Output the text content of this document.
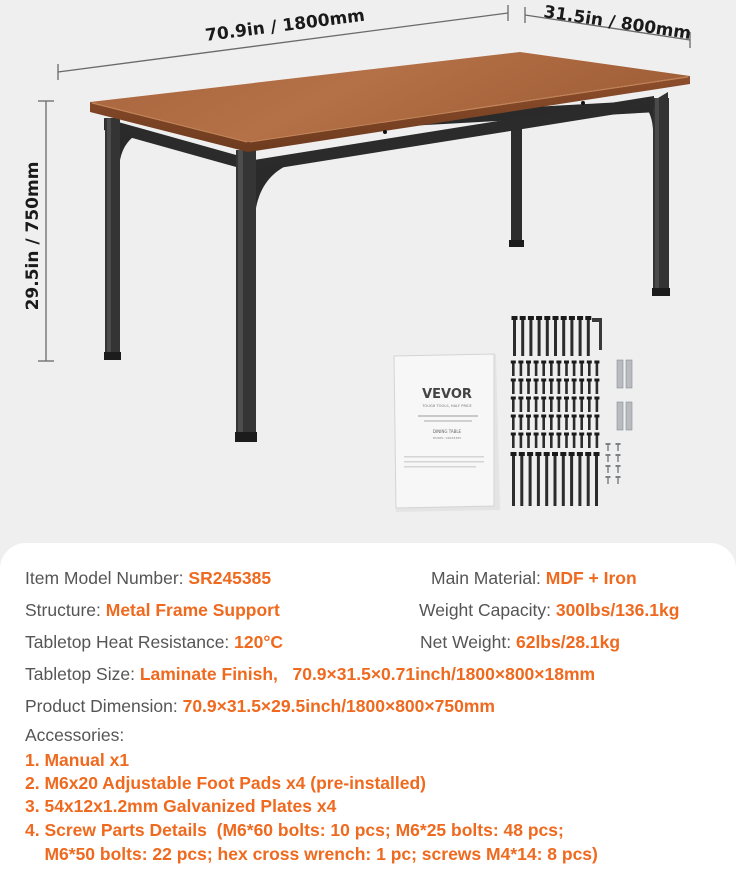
70.9in / 1800mm	31.5in / 800mm
29.5in / 750mm
VEVOR
TOUGH TOOLS, HALF PRICE
DINING TABLE
MODEL: SR245385
Item Model Number: SR245385	Main Material: MDF + Iron
Structure: Metal Frame Support	Weight Capacity: 300lbs/136.1kg
Tabletop Heat Resistance: 120°C	Net Weight: 62lbs/28.1kg
Tabletop Size: Laminate Finish,   70.9×31.5×0.71inch/1800×800×18mm
Product Dimension: 70.9×31.5×29.5inch/1800×800×750mm
Accessories:
1. Manual x1
2. M6x20 Adjustable Foot Pads x4 (pre-installed)
3. 54x12x1.2mm Galvanized Plates x4
4. Screw Parts Details  (M6*60 bolts: 10 pcs; M6*25 bolts: 48 pcs;
M6*50 bolts: 22 pcs; hex cross wrench: 1 pc; screws M4*14: 8 pcs)
